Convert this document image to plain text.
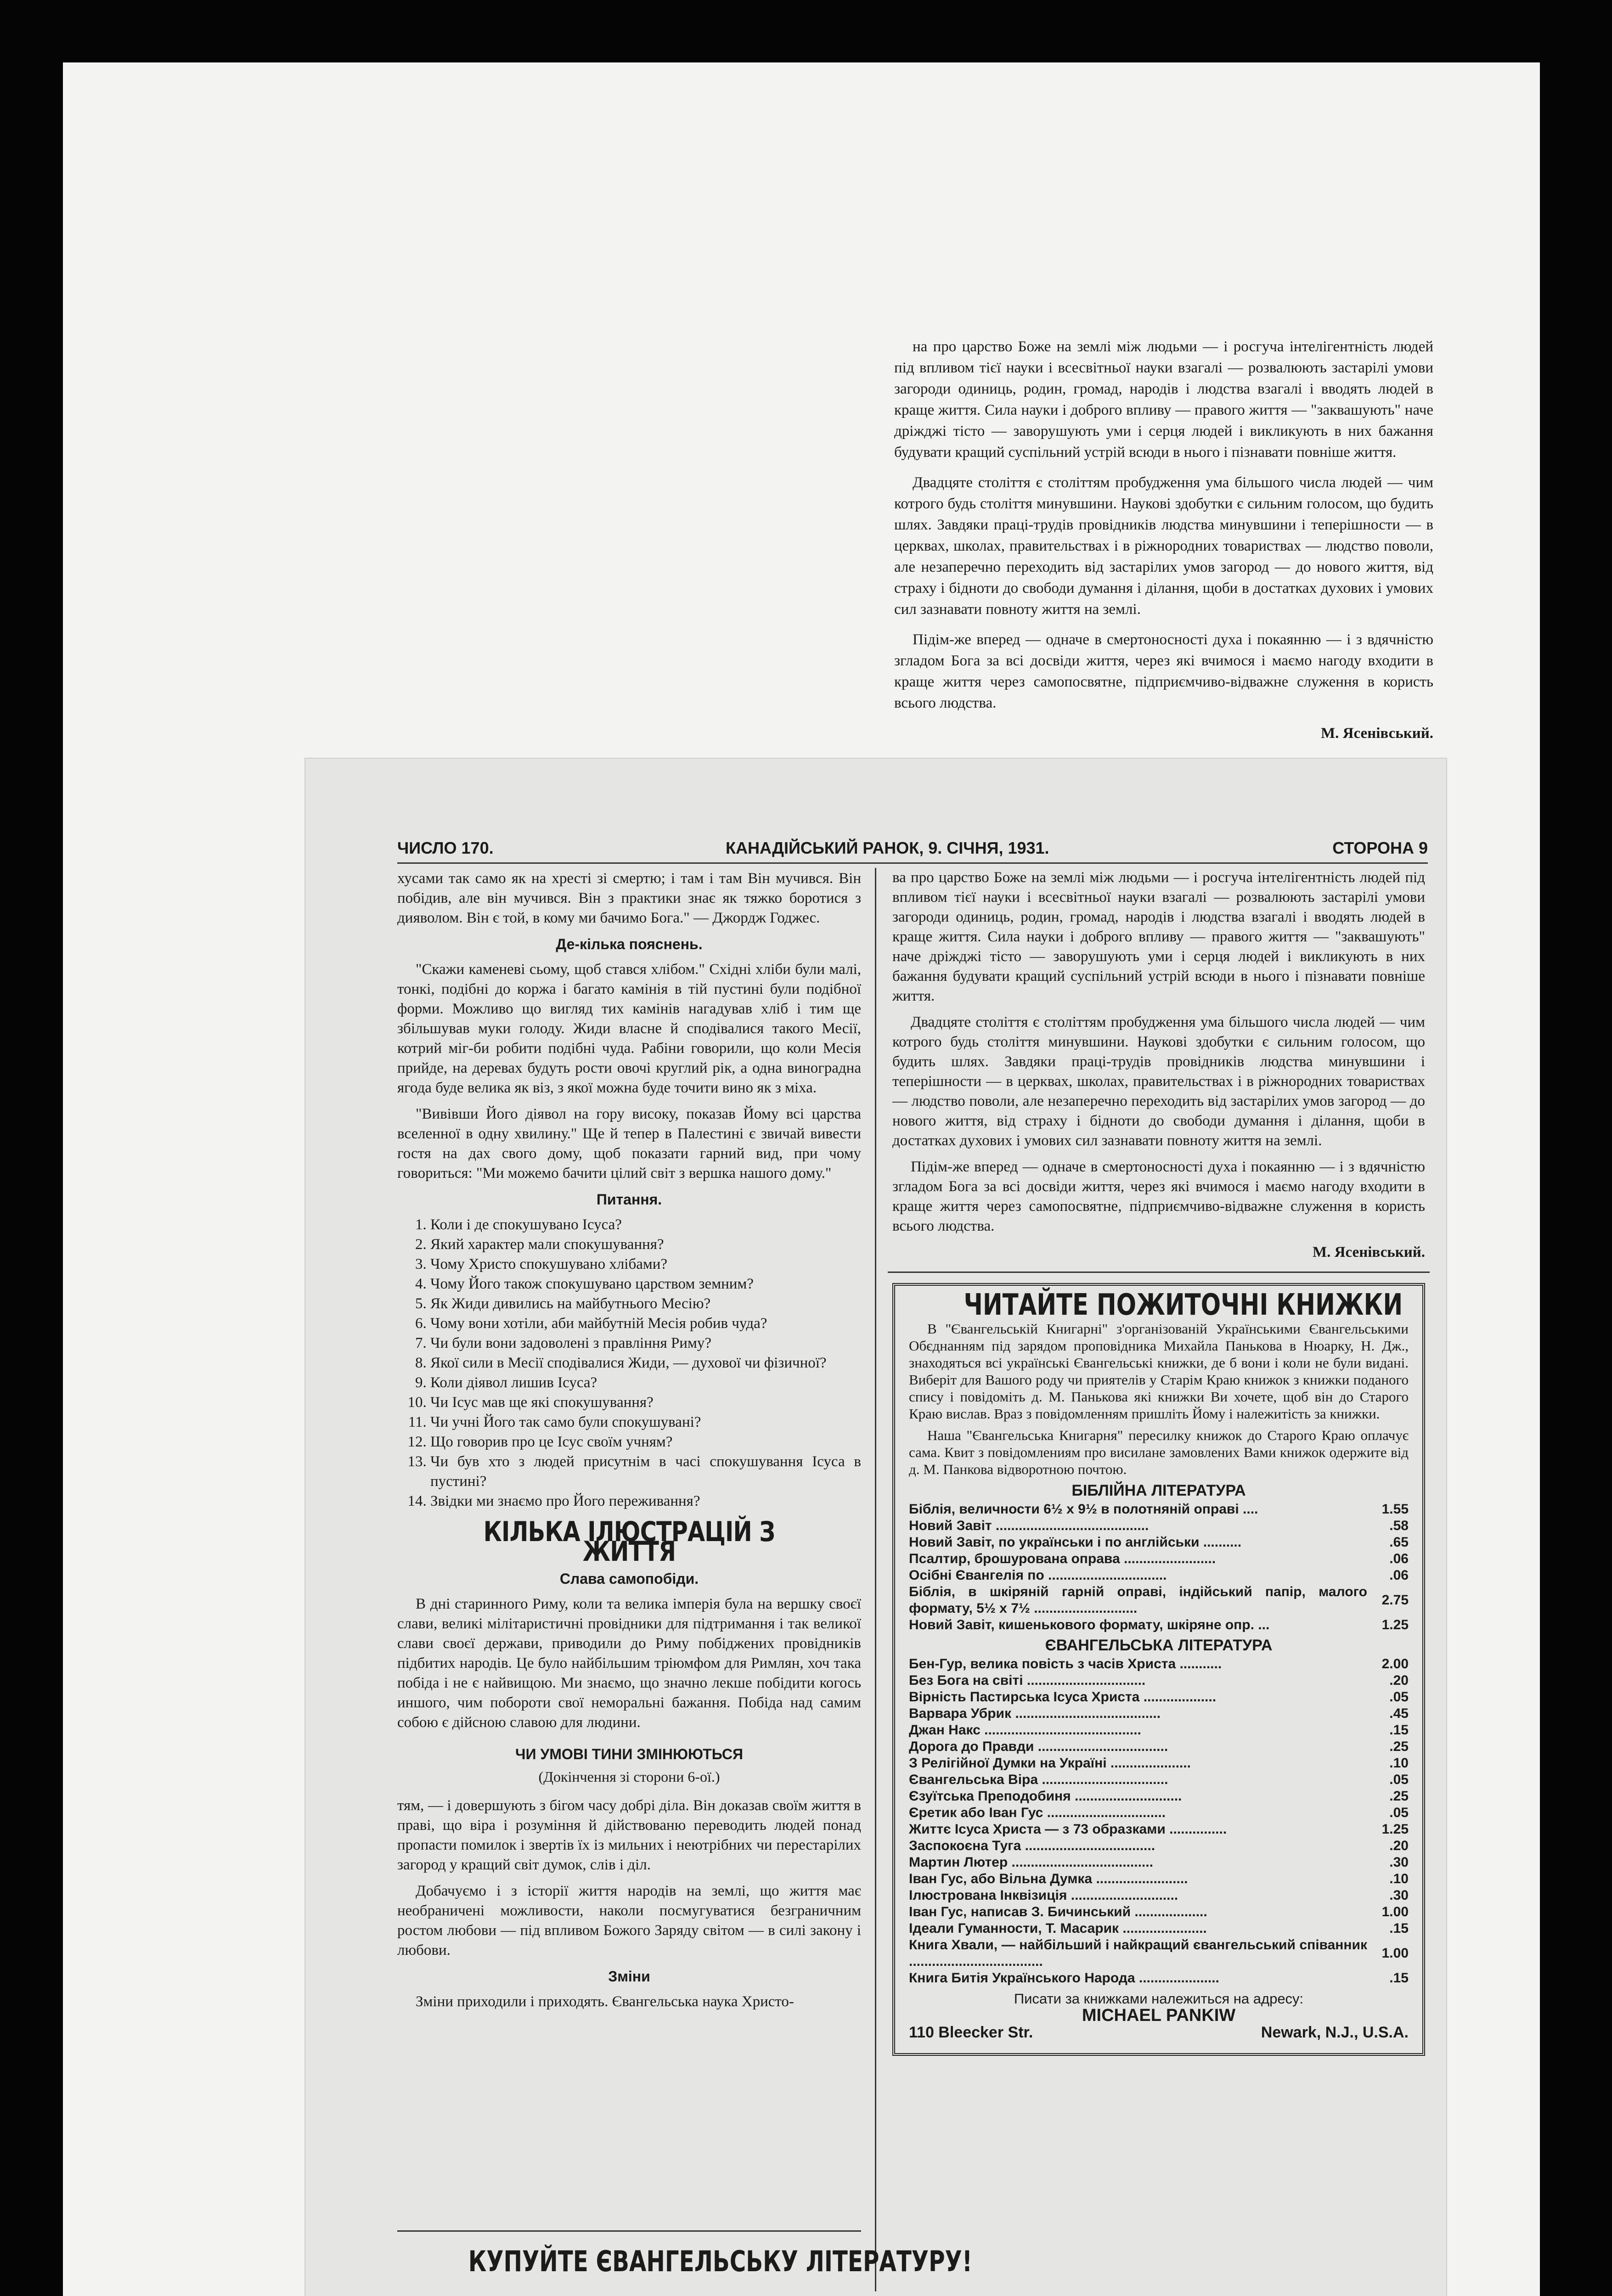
на про царство Боже на землі між людьми — і росгуча інтелігентність людей під впливом тієї науки і всесвітньої науки взагалі — розвалюють застарілі умови загороди одиниць, родин, громад, народів і людства взагалі і вводять людей в краще життя. Сила науки і доброго впливу — правого життя — "заквашують" наче дріжджі тісто — заворушують уми і серця людей і викликують в них бажання будувати кращий суспільний устрій всюди в нього і пізнавати повніше життя.

Двадцяте століття є століттям пробудження ума більшого числа людей — чим котрого будь століття минувшини. Наукові здобутки є сильним голосом, що будить шлях. Завдяки праці-трудів провідників людства минувшини і теперішности — в церквах, школах, правительствах і в ріжнородних товариствах — людство поволи, але незаперечно переходить від застарілих умов загород — до нового життя, від страху і бідноти до свободи думання і ділання, щоби в достатках духових і умових сил зазнавати повноту життя на землі.

Підім-же вперед — одначе в смертоносності духа і покаянню — і з вдячністю згладом Бога за всі досвіди життя, через які вчимося і маємо нагоду входити в краще життя через самопосвятне, підприємчиво-відважне служення в користь всього людства.

М. Ясенівський.

ЧИСЛО 170.	КАНАДІЙСЬКИЙ РАНОК, 9. СІЧНЯ, 1931.	СТОРОНА 9

хусами так само як на хресті зі смертю; і там і там Він мучився. Він побідив, але він мучився. Він з практики знає як тяжко боротися з дияволом. Він є той, в кому ми бачимо Бога." — Джордж Годжес.

Де-кілька пояснень.

"Скажи каменеві сьому, щоб стався хлібом." Східні хліби були малі, тонкі, подібні до коржа і багато камінія в тій пустині були подібної форми. Можливо що вигляд тих камінів нагадував хліб і тим ще збільшував муки голоду. Жиди власне й сподівалися такого Месії, котрий міг-би робити подібні чуда. Рабіни говорили, що коли Месія прийде, на деревах будуть рости овочі круглий рік, а одна виноградна ягода буде велика як віз, з якої можна буде точити вино як з міха.

"Вивівши Його діявол на гору високу, показав Йому всі царства вселенної в одну хвилину." Ще й тепер в Палестині є звичай вивести гостя на дах свого дому, щоб показати гарний вид, при чому говориться: "Ми можемо бачити цілий світ з вершка нашого дому."

Питання.
1. Коли і де спокушувано Ісуса?
2. Який характер мали спокушування?
3. Чому Христо спокушувано хлібами?
4. Чому Його також спокушувано царством земним?
5. Як Жиди дивились на майбутнього Месію?
6. Чому вони хотіли, аби майбутній Месія робив чуда?
7. Чи були вони задоволені з правління Риму?
8. Якої сили в Месії сподівалися Жиди, — духової чи фізичної?
9. Коли діявол лишив Ісуса?
10. Чи Ісус мав ще які спокушування?
11. Чи учні Його так само були спокушувані?
12. Що говорив про це Ісус своїм учням?
13. Чи був хто з людей присутнім в часі спокушування Ісуса в пустині?
14. Звідки ми знаємо про Його переживання?
КІЛЬКА ІЛЮСТРАЦІЙ З ЖИТТЯ
Слава самопобіди.

В дні старинного Риму, коли та велика імперія була на вершку своєї слави, великі мілітаристичні провідники для підтримання і так великої слави своєї держави, приводили до Риму побіджених провідників підбитих народів. Це було найбільшим тріюмфом для Римлян, хоч така побіда і не є найвищою. Ми знаємо, що значно лекше побідити когось иншого, чим побороти свої неморальні бажання. Побіда над самим собою є дійсною славою для людини.

ЧИ УМОВІ ТИНИ ЗМІНЮЮТЬСЯ
(Докінчення зі сторони 6-ої.)

тям, — і довершують з бігом часу добрі діла. Він доказав своїм життя в праві, що віра і розуміння й дійствованю переводить людей понад пропасти помилок і звертів їх із мильних і неютрібних чи перестарілих загород у кращий світ думок, слів і діл.

Добачуємо і з історії життя народів на землі, що життя має необраничені можливости, наколи посмугуватися безграничним ростом любови — під впливом Божого Заряду світом — в силі закону і любови.

Зміни

Зміни приходили і приходять. Євангельська наука Христо-

КУПУЙТЕ ЄВАНГЕЛЬСЬКУ ЛІТЕРАТУРУ!

ва про царство Боже на землі між людьми — і росгуча інтелігентність людей під впливом тієї науки і всесвітньої науки взагалі — розвалюють застарілі умови загороди одиниць, родин, громад, народів і людства взагалі і вводять людей в краще життя. Сила науки і доброго впливу — правого життя — "заквашують" наче дріжджі тісто — заворушують уми і серця людей і викликують в них бажання будувати кращий суспільний устрій всюди в нього і пізнавати повніше життя.

Двадцяте століття є століттям пробудження ума більшого числа людей — чим котрого будь століття минувшини. Наукові здобутки є сильним голосом, що будить шлях. Завдяки праці-трудів провідників людства минувшини і теперішности — в церквах, школах, правительствах і в ріжнородних товариствах — людство поволи, але незаперечно переходить від застарілих умов загород — до нового життя, від страху і бідноти до свободи думання і ділання, щоби в достатках духових і умових сил зазнавати повноту життя на землі.

Підім-же вперед — одначе в смертоносності духа і покаянню — і з вдячністю згладом Бога за всі досвіди життя, через які вчимося і маємо нагоду входити в краще життя через самопосвятне, підприємчиво-відважне служення в користь всього людства.

М. Ясенівський.
ЧИТАЙТЕ ПОЖИТОЧНІ КНИЖКИ

В "Євангельській Книгарні" з'організованій Українськими Євангельськими Обєднанням під зарядом проповідника Михайла Панькова в Нюарку, Н. Дж., знаходяться всі українські Євангельські книжки, де б вони і коли не були видані. Виберіт для Вашого роду чи приятелів у Старім Краю книжок з книжки поданого спису і повідоміть д. М. Панькова які книжки Ви хочете, щоб він до Старого Краю вислав. Враз з повідомленням пришліть Йому і належитість за книжки.

Наша "Євангельська Книгарня" пересилку книжок до Старого Краю оплачує сама. Квит з повідомлениям про висилане замовлених Вами книжок одержите від д. М. Панкова відворотною почтою.

БІБЛІЙНА ЛІТЕРАТУРА
Біблія, величности 6½ х 9½ в полотняній оправі ....	1.55
Новий Завіт ........................................	.58
Новий Завіт, по українськи і по англійськи ..........	.65
Псалтир, брошурована оправа ........................	.06
Осібні Євангелія по ...............................	.06
Біблія, в шкіряній гарній оправі, індійський папір, малого формату, 5½ х 7½ ...........................	2.75
Новий Завіт, кишенькового формату, шкіряне опр. ...	1.25
ЄВАНГЕЛЬСЬКА ЛІТЕРАТУРА
Бен-Гур, велика повість з часів Христа ...........	2.00
Без Бога на світі ...............................	.20
Вірність Пастирська Ісуса Христа ...................	.05
Варвара Убрик ......................................	.45
Джан Накс .........................................	.15
Дорога до Правди ..................................	.25
З Релігійної Думки на Україні .....................	.10
Євангельська Віра .................................	.05
Єзуїтська Преподобиня ............................	.25
Єретик або Іван Гус ...............................	.05
Життє Ісуса Христа — з 73 образками ...............	1.25
Заспокоєна Туга ..................................	.20
Мартин Лютер .....................................	.30
Іван Гус, або Вільна Думка ........................	.10
Ілюстрована Інквізиція ............................	.30
Іван Гус, написав З. Бичинський ...................	1.00
Ідеали Гуманности, Т. Масарик ......................	.15
Книга Хвали, — найбільший і найкращий євангельський співанник ...................................	1.00
Книга Битія Українського Народа .....................	.15
Писати за книжками належиться на адресу:
MICHAEL PANKIW
110 Bleecker Str.	Newark, N.J., U.S.A.
